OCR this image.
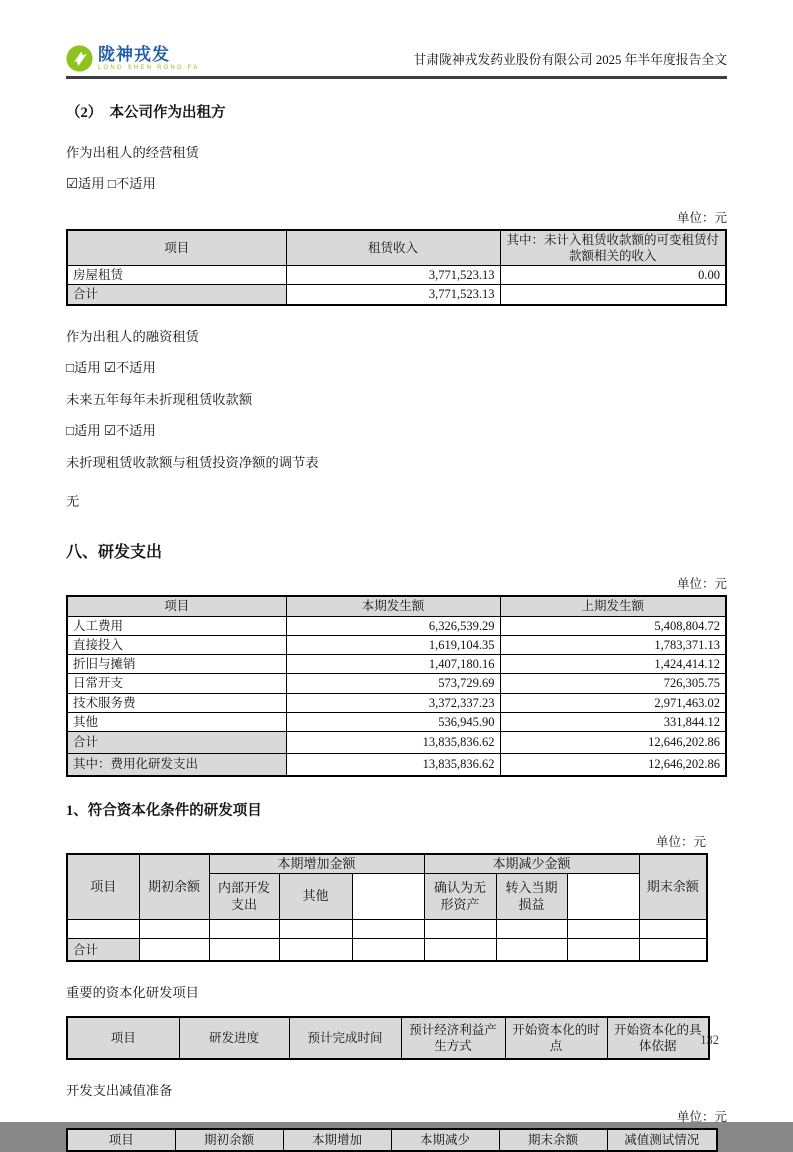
陇神戎发
LONG SHEN RONG FA
甘肃陇神戎发药业股份有限公司 2025 年半年度报告全文
（2）　本公司作为出租方
作为出租人的经营租赁
☑适用 □不适用
单位：元
项目	租赁收入	其中：未计入租赁收款额的可变租赁付款额相关的收入
房屋租赁	3,771,523.13	0.00
合计	3,771,523.13	
作为出租人的融资租赁
□适用 ☑不适用
未来五年每年未折现租赁收款额
□适用 ☑不适用
未折现租赁收款额与租赁投资净额的调节表
无
八、研发支出
单位：元
项目	本期发生额	上期发生额
人工费用	6,326,539.29	5,408,804.72
直接投入	1,619,104.35	1,783,371.13
折旧与摊销	1,407,180.16	1,424,414.12
日常开支	573,729.69	726,305.75
技术服务费	3,372,337.23	2,971,463.02
其他	536,945.90	331,844.12
合计	13,835,836.62	12,646,202.86
其中：费用化研发支出	13,835,836.62	12,646,202.86
1、符合资本化条件的研发项目
单位：元
项目	期初余额	本期增加金额			本期减少金额			期末余额
		内部开发支出	其他		确认为无形资产	转入当期损益		

合计								
重要的资本化研发项目
项目	研发进度	预计完成时间	预计经济利益产生方式	开始资本化的时点	开始资本化的具体依据
开发支出减值准备
单位：元
项目	期初余额	本期增加	本期减少	期末余额	减值测试情况
132
